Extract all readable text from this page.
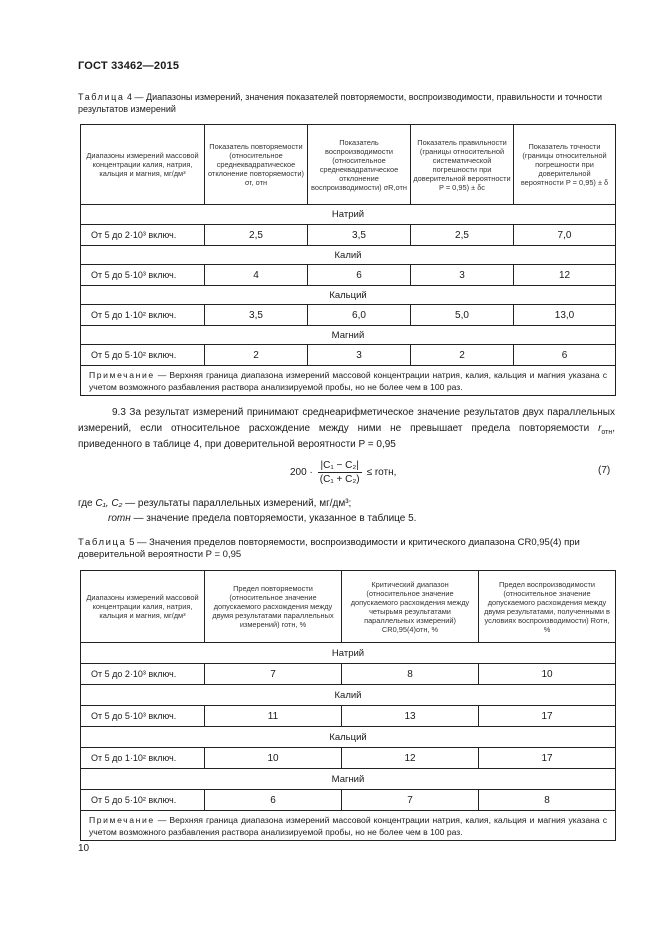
ГОСТ 33462—2015
Таблица 4 — Диапазоны измерений, значения показателей повторяемости, воспроизводимости, правильности и точности результатов измерений
Диапазоны измерений массовой концентрации калия, натрия, кальция и магния, мг/дм³	Показатель повторяемости (относительное среднеквадратическое отклонение повторяемости) σr, отн	Показатель воспроизводимости (относительное среднеквадратическое отклонение воспроизводимости) σR,отн	Показатель правильности (границы относительной систематической погрешности при доверительной вероятности P = 0,95) ± δc	Показатель точности (границы относительной погрешности при доверительной вероятности P = 0,95) ± δ
Натрий				
От 5 до 2·10³ включ.	2,5	3,5	2,5	7,0
Калий				
От 5 до 5·10³ включ.	4	6	3	12
Кальций				
От 5 до 1·10² включ.	3,5	6,0	5,0	13,0
Магний				
От 5 до 5·10² включ.	2	3	2	6
Примечание — Верхняя граница диапазона измерений массовой концентрации натрия, калия, кальция и магния указана с учетом возможного разбавления раствора анализируемой пробы, но не более чем в 100 раз.				

9.3 За результат измерений принимают среднеарифметическое значение результатов двух параллельных измерений, если относительное расхождение между ними не превышает предела повторяемости $r_{отн}$, приведенного в таблице 4, при доверительной вероятности P = 0,95

$200 \cdot \frac{\text{|C₁ − C₂|}}{\text{(C₁ + C₂)}}$ ≤ rотн,	(7)
где C₁, C₂ — результаты параллельных измерений, мг/дм³;
rотн — значение предела повторяемости, указанное в таблице 5.
Таблица 5 — Значения пределов повторяемости, воспроизводимости и критического диапазона CR0,95(4) при доверительной вероятности P = 0,95
Диапазоны измерений массовой концентрации калия, натрия, кальция и магния, мг/дм³	Предел повторяемости (относительное значение допускаемого расхождения между двумя результатами параллельных измерений) rотн, %	Критический диапазон (относительное значение допускаемого расхождения между четырьмя результатами параллельных измерений) CR0,95(4)отн, %	Предел воспроизводимости (относительное значение допускаемого расхождения между двумя результатами, полученными в условиях воспроизводимости) Rотн, %
Натрий			
От 5 до 2·10³ включ.	7	8	10
Калий			
От 5 до 5·10³ включ.	11	13	17
Кальций			
От 5 до 1·10² включ.	10	12	17
Магний			
От 5 до 5·10² включ.	6	7	8
Примечание — Верхняя граница диапазона измерений массовой концентрации натрия, калия, кальция и магния указана с учетом возможного разбавления раствора анализируемой пробы, но не более чем в 100 раз.			
10
